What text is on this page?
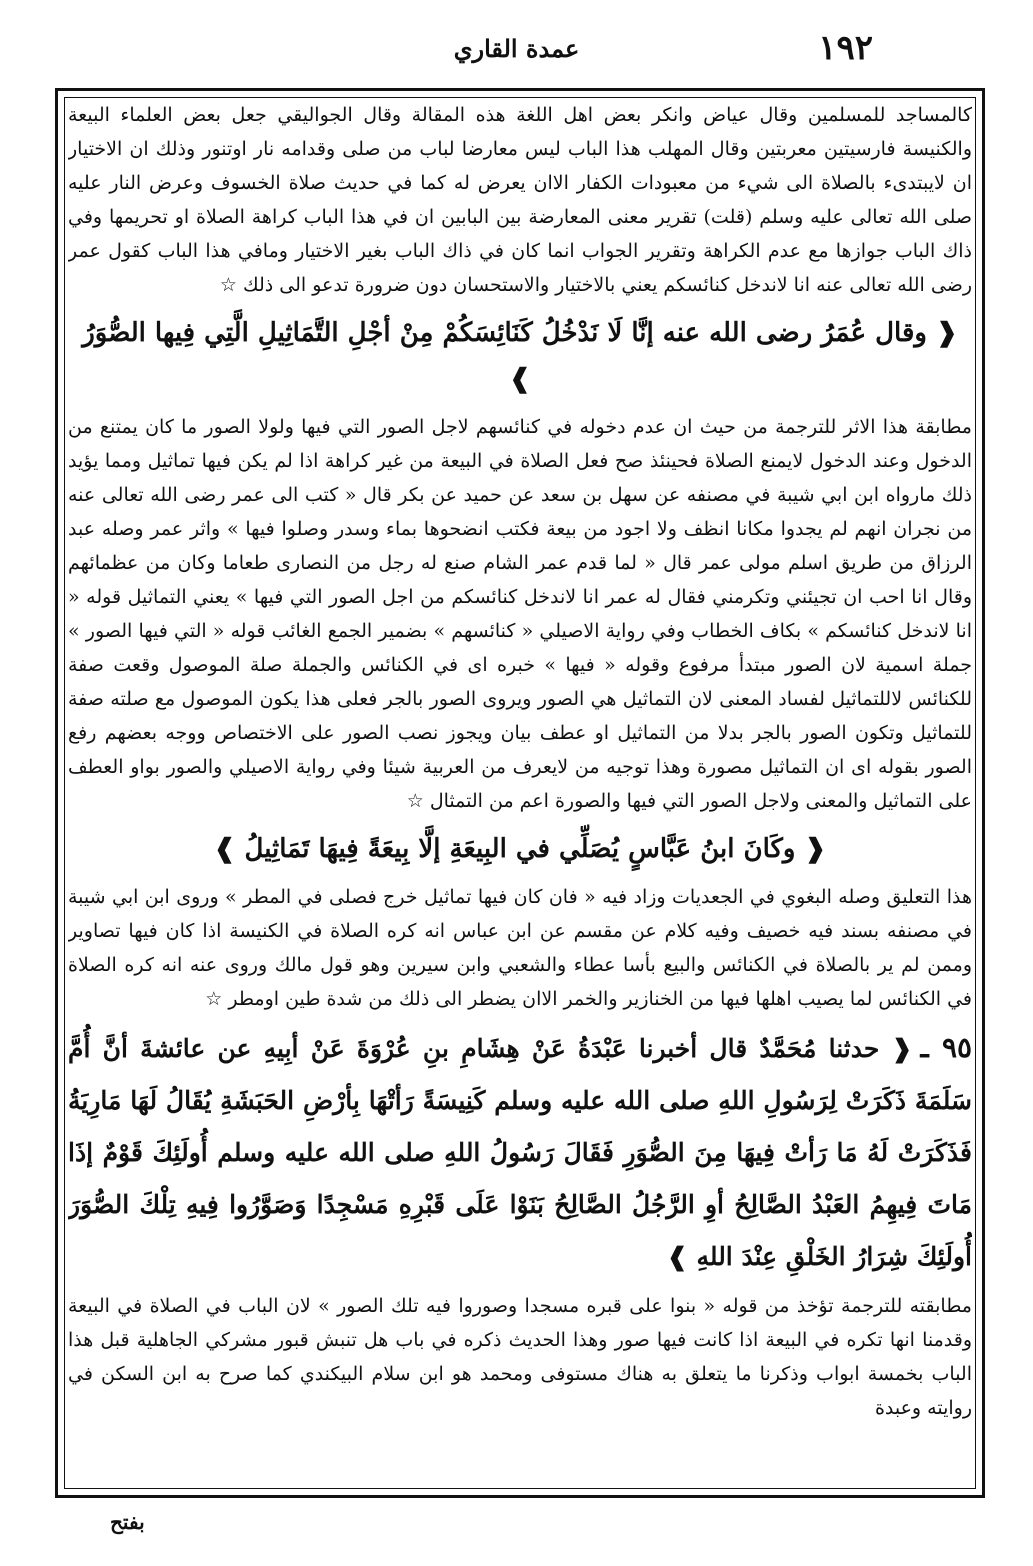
١٩٢
عمدة القاري

كالمساجد للمسلمين وقال عياض وانكر بعض اهل اللغة هذه المقالة وقال الجواليقي جعل بعض العلماء البيعة والكنيسة فارسيتين معربتين وقال المهلب هذا الباب ليس معارضا لباب من صلى وقدامه نار اوتنور وذلك ان الاختيار ان لايبتدىء بالصلاة الى شيء من معبودات الكفار الاان يعرض له كما في حديث صلاة الخسوف وعرض النار عليه صلى الله تعالى عليه وسلم (قلت) تقرير معنى المعارضة بين البابين ان في هذا الباب كراهة الصلاة او تحريمها وفي ذاك الباب جوازها مع عدم الكراهة وتقرير الجواب انما كان في ذاك الباب بغير الاختيار ومافي هذا الباب كقول عمر رضى الله تعالى عنه انا لاندخل كنائسكم يعني بالاختيار والاستحسان دون ضرورة تدعو الى ذلك ☆

❰ وقال عُمَرُ رضى الله عنه إنَّا لَا نَدْخُلُ كَنَائِسَكُمْ مِنْ أجْلِ التَّمَاثِيلِ الَّتِي فِيها الصُّوَرُ ❱

مطابقة هذا الاثر للترجمة من حيث ان عدم دخوله في كنائسهم لاجل الصور التي فيها ولولا الصور ما كان يمتنع من الدخول وعند الدخول لايمنع الصلاة فحينئذ صح فعل الصلاة في البيعة من غير كراهة اذا لم يكن فيها تماثيل ومما يؤيد ذلك مارواه ابن ابي شيبة في مصنفه عن سهل بن سعد عن حميد عن بكر قال « كتب الى عمر رضى الله تعالى عنه من نجران انهم لم يجدوا مكانا انظف ولا اجود من بيعة فكتب انضحوها بماء وسدر وصلوا فيها » واثر عمر وصله عبد الرزاق من طريق اسلم مولى عمر قال « لما قدم عمر الشام صنع له رجل من النصارى طعاما وكان من عظمائهم وقال انا احب ان تجيئني وتكرمني فقال له عمر انا لاندخل كنائسكم من اجل الصور التي فيها » يعني التماثيل قوله « انا لاندخل كنائسكم » بكاف الخطاب وفي رواية الاصيلي « كنائسهم » بضمير الجمع الغائب قوله « التي فيها الصور » جملة اسمية لان الصور مبتدأ مرفوع وقوله « فيها » خبره اى في الكنائس والجملة صلة الموصول وقعت صفة للكنائس لاللتماثيل لفساد المعنى لان التماثيل هي الصور ويروى الصور بالجر فعلى هذا يكون الموصول مع صلته صفة للتماثيل وتكون الصور بالجر بدلا من التماثيل او عطف بيان ويجوز نصب الصور على الاختصاص ووجه بعضهم رفع الصور بقوله اى ان التماثيل مصورة وهذا توجيه من لايعرف من العربية شيئا وفي رواية الاصيلي والصور بواو العطف على التماثيل والمعنى ولاجل الصور التي فيها والصورة اعم من التمثال ☆

❰ وكَانَ ابنُ عَبَّاسٍ يُصَلِّي في البِيعَةِ إلَّا بِيعَةً فِيهَا تَمَاثِيلُ ❱

هذا التعليق وصله البغوي في الجعديات وزاد فيه « فان كان فيها تماثيل خرج فصلى في المطر » وروى ابن ابي شيبة في مصنفه بسند فيه خصيف وفيه كلام عن مقسم عن ابن عباس انه كره الصلاة في الكنيسة اذا كان فيها تصاوير وممن لم ير بالصلاة في الكنائس والبيع بأسا عطاء والشعبي وابن سيرين وهو قول مالك وروى عنه انه كره الصلاة في الكنائس لما يصيب اهلها فيها من الخنازير والخمر الاان يضطر الى ذلك من شدة طين اومطر ☆

٩٥ ـ❰ حدثنا مُحَمَّدٌ قال أخبرنا عَبْدَةُ عَنْ هِشَامِ بنِ عُرْوَةَ عَنْ أبِيهِ عن عائشةَ أنَّ أُمَّ سَلَمَةَ ذَكَرَتْ لِرَسُولِ اللهِ صلى الله عليه وسلم كَنِيسَةً رَأتْهَا بِأرْضِ الحَبَشَةِ يُقَالُ لَهَا مَارِيَةُ فَذَكَرَتْ لَهُ مَا رَأتْ فِيهَا مِنَ الصُّوَرِ فَقَالَ رَسُولُ اللهِ صلى الله عليه وسلم أُولَئِكَ قَوْمٌ إذَا مَاتَ فِيهِمُ العَبْدُ الصَّالِحُ أوِ الرَّجُلُ الصَّالِحُ بَنَوْا عَلَى قَبْرِهِ مَسْجِدًا وَصَوَّرُوا فِيهِ تِلْكَ الصُّوَرَ أُولَئِكَ شِرَارُ الخَلْقِ عِنْدَ اللهِ ❱

مطابقته للترجمة تؤخذ من قوله « بنوا على قبره مسجدا وصوروا فيه تلك الصور » لان الباب في الصلاة في البيعة وقدمنا انها تكره في البيعة اذا كانت فيها صور وهذا الحديث ذكره في باب هل تنبش قبور مشركي الجاهلية قبل هذا الباب بخمسة ابواب وذكرنا ما يتعلق به هناك مستوفى ومحمد هو ابن سلام البيكندي كما صرح به ابن السكن في روايته وعبدة

بفتح
